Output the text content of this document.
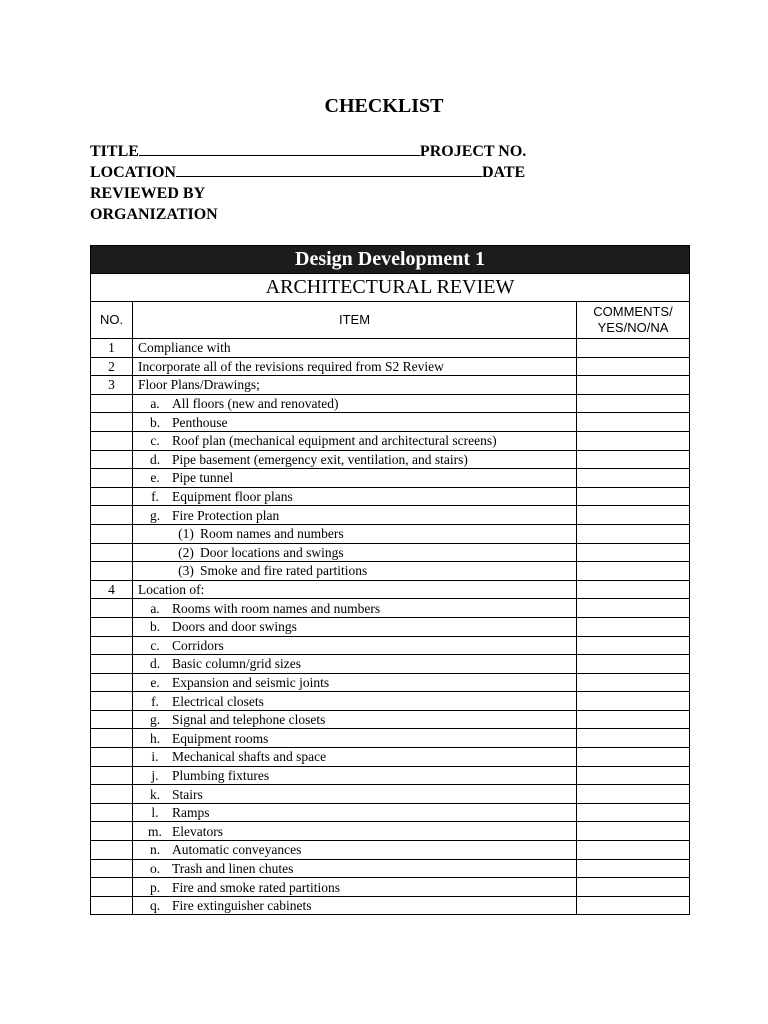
CHECKLIST
TITLE	PROJECT NO.
LOCATION	DATE
REVIEWED BY
ORGANIZATION
Design Development 1		
ARCHITECTURAL REVIEW		
NO.	ITEM	COMMENTS/
YES/NO/NA
1	Compliance with	
2	Incorporate all of the revisions required from S2 Review	
3	Floor Plans/Drawings;	
	a. All floors (new and renovated)	
	b. Penthouse	
	c. Roof plan (mechanical equipment and architectural screens)	
	d. Pipe basement (emergency exit, ventilation, and stairs)	
	e. Pipe tunnel	
	f. Equipment floor plans	
	g. Fire Protection plan	
	(1) Room names and numbers	
	(2) Door locations and swings	
	(3) Smoke and fire rated partitions	
4	Location of:	
	a. Rooms with room names and numbers	
	b. Doors and door swings	
	c. Corridors	
	d. Basic column/grid sizes	
	e. Expansion and seismic joints	
	f. Electrical closets	
	g. Signal and telephone closets	
	h. Equipment rooms	
	i. Mechanical shafts and space	
	j. Plumbing fixtures	
	k. Stairs	
	l. Ramps	
	m. Elevators	
	n. Automatic conveyances	
	o. Trash and linen chutes	
	p. Fire and smoke rated partitions	
	q. Fire extinguisher cabinets	
